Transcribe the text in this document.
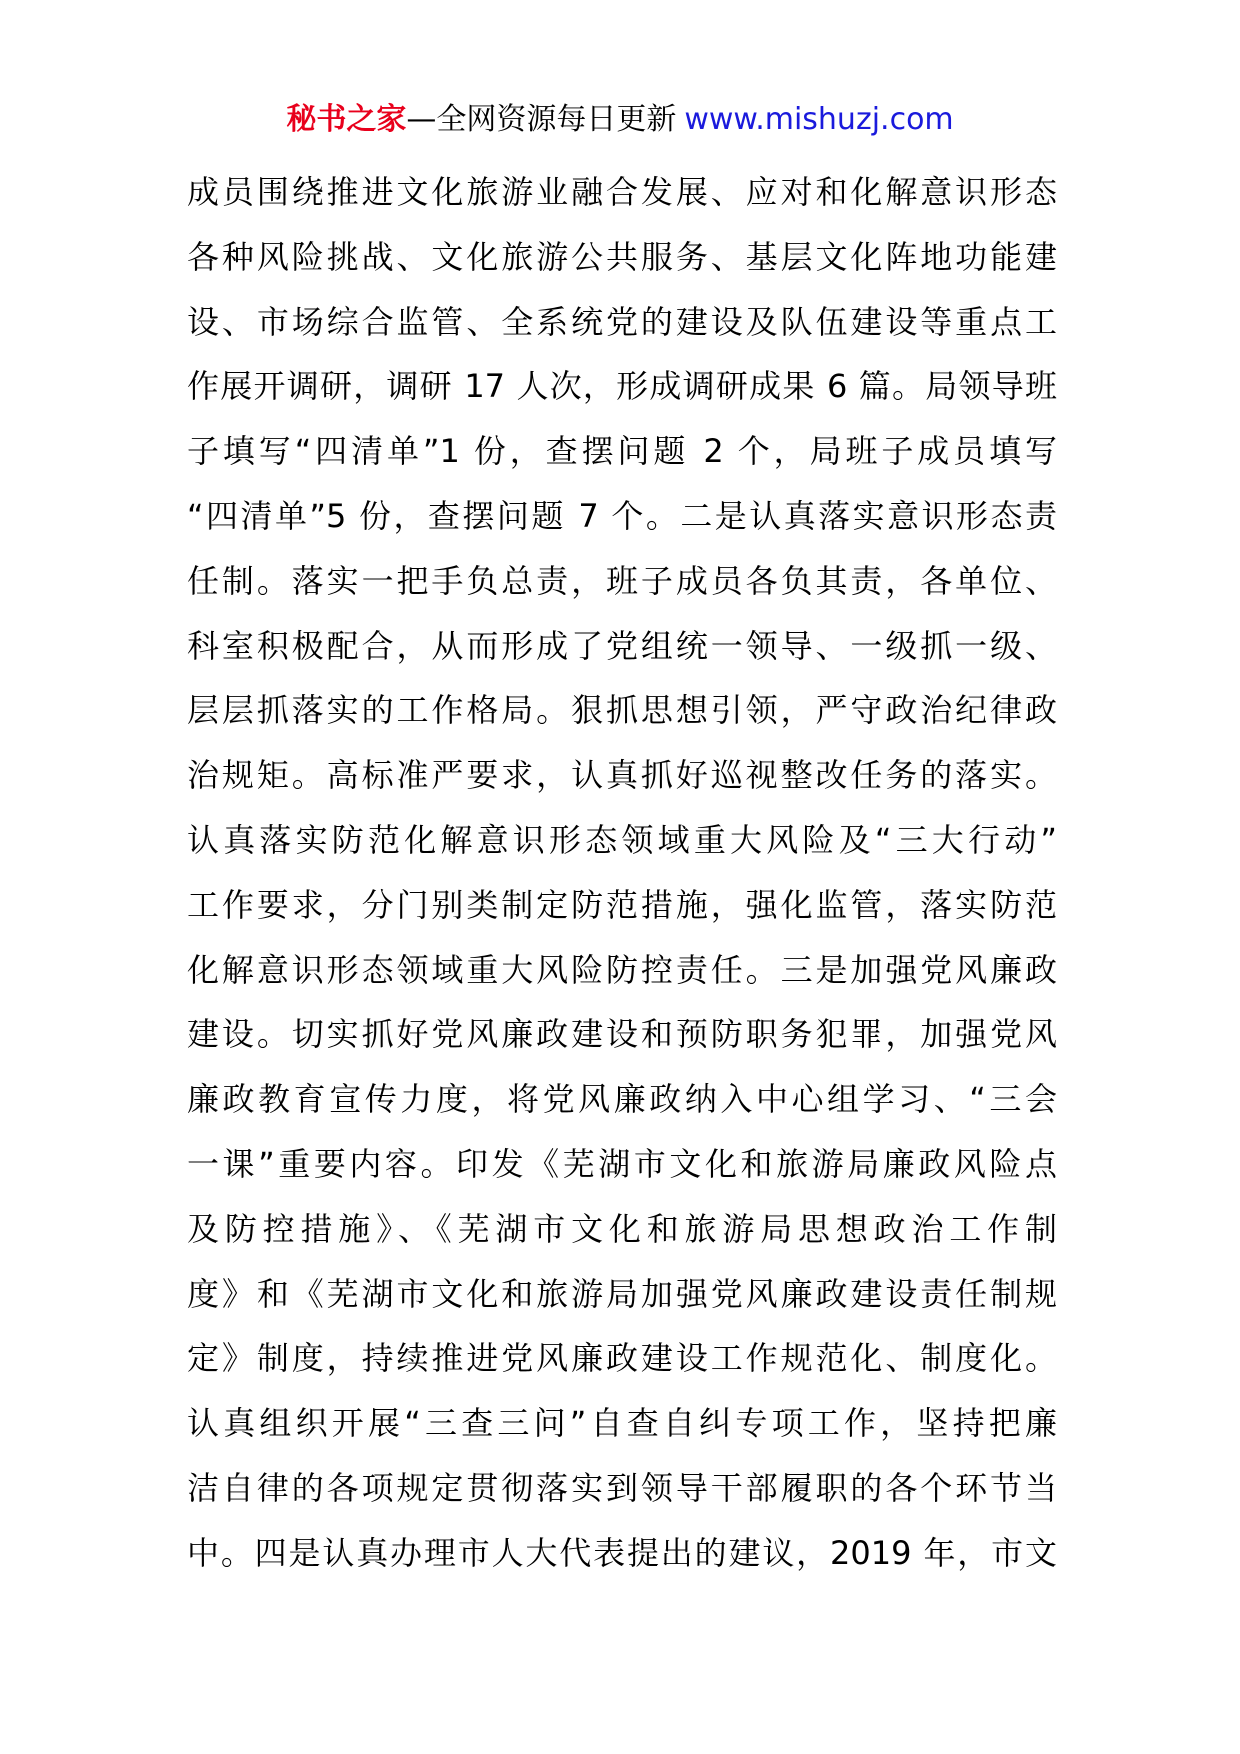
秘书之家—全网资源每日更新 www.mishuzj.com
成员围绕推进文化旅游业融合发展、应对和化解意识形态
各种风险挑战、文化旅游公共服务、基层文化阵地功能建
设、市场综合监管、全系统党的建设及队伍建设等重点工
作展开调研，调研 17 人次，形成调研成果 6 篇。局领导班
子填写“四清单”1 份，查摆问题 2 个，局班子成员填写
“四清单”5 份，查摆问题 7 个。二是认真落实意识形态责
任制。落实一把手负总责，班子成员各负其责，各单位、
科室积极配合，从而形成了党组统一领导、一级抓一级、
层层抓落实的工作格局。狠抓思想引领，严守政治纪律政
治规矩。高标准严要求，认真抓好巡视整改任务的落实。
认真落实防范化解意识形态领域重大风险及“三大行动”
工作要求，分门别类制定防范措施，强化监管，落实防范
化解意识形态领域重大风险防控责任。三是加强党风廉政
建设。切实抓好党风廉政建设和预防职务犯罪，加强党风
廉政教育宣传力度，将党风廉政纳入中心组学习、“三会
一课”重要内容。印发《芜湖市文化和旅游局廉政风险点
及防控措施》、《芜湖市文化和旅游局思想政治工作制
度》和《芜湖市文化和旅游局加强党风廉政建设责任制规
定》制度，持续推进党风廉政建设工作规范化、制度化。
认真组织开展“三查三问”自查自纠专项工作，坚持把廉
洁自律的各项规定贯彻落实到领导干部履职的各个环节当
中。四是认真办理市人大代表提出的建议，2019 年，市文
